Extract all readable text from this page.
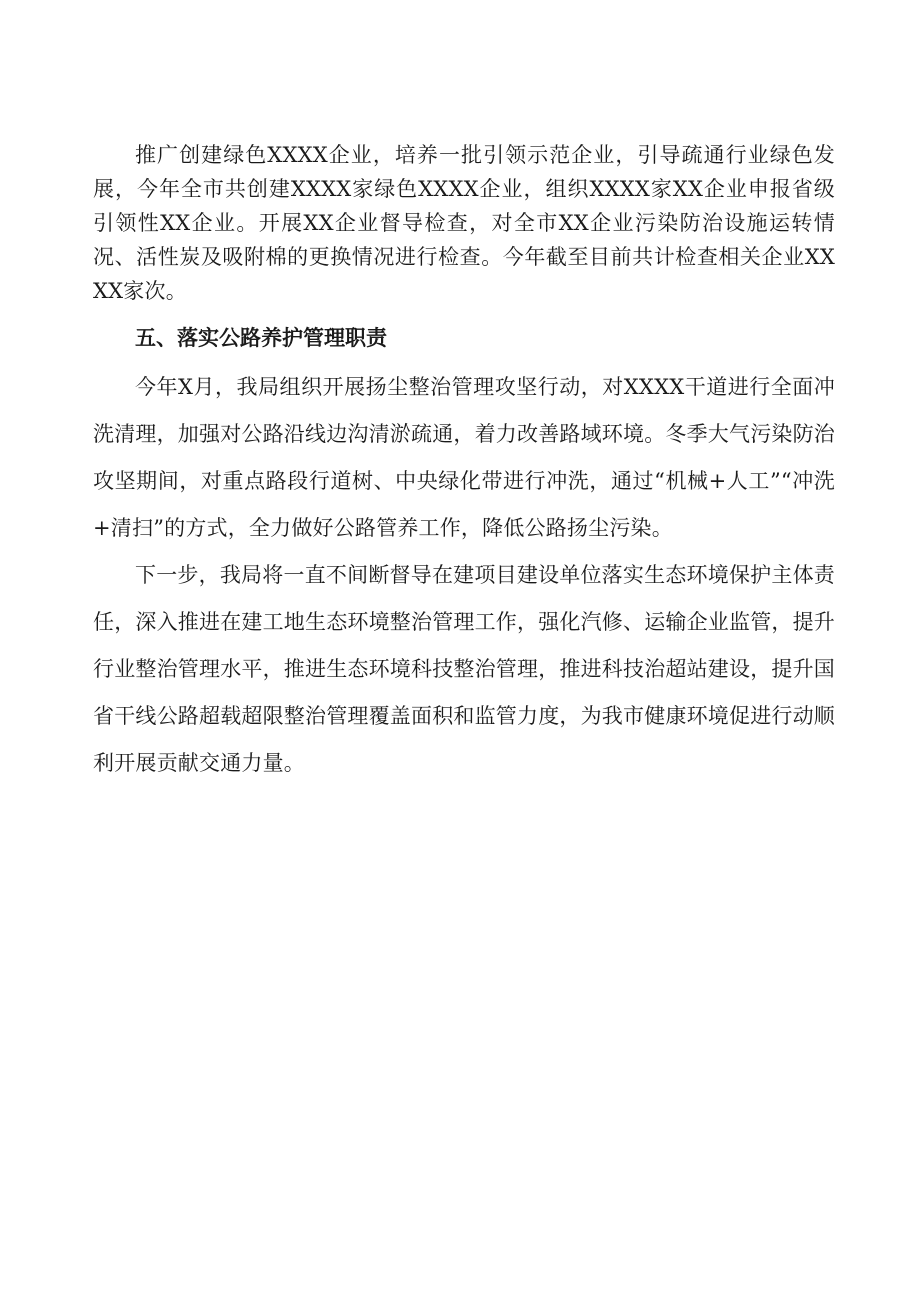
推广创建绿色XXXX企业，培养一批引领示范企业，引导疏通行业绿色发展，今年全市共创建XXXX家绿色XXXX企业，组织XXXX家XX企业申报省级引领性XX企业。开展XX企业督导检查，对全市XX企业污染防治设施运转情况、活性炭及吸附棉的更换情况进行检查。今年截至目前共计检查相关企业XXXX家次。

五、落实公路养护管理职责

今年X月，我局组织开展扬尘整治管理攻坚行动，对XXXX干道进行全面冲洗清理，加强对公路沿线边沟清淤疏通，着力改善路域环境。冬季大气污染防治攻坚期间，对重点路段行道树、中央绿化带进行冲洗，通过“机械+人工”“冲洗+清扫”的方式，全力做好公路管养工作，降低公路扬尘污染。

下一步，我局将一直不间断督导在建项目建设单位落实生态环境保护主体责任，深入推进在建工地生态环境整治管理工作，强化汽修、运输企业监管，提升行业整治管理水平，推进生态环境科技整治管理，推进科技治超站建设，提升国省干线公路超载超限整治管理覆盖面积和监管力度，为我市健康环境促进行动顺利开展贡献交通力量。
